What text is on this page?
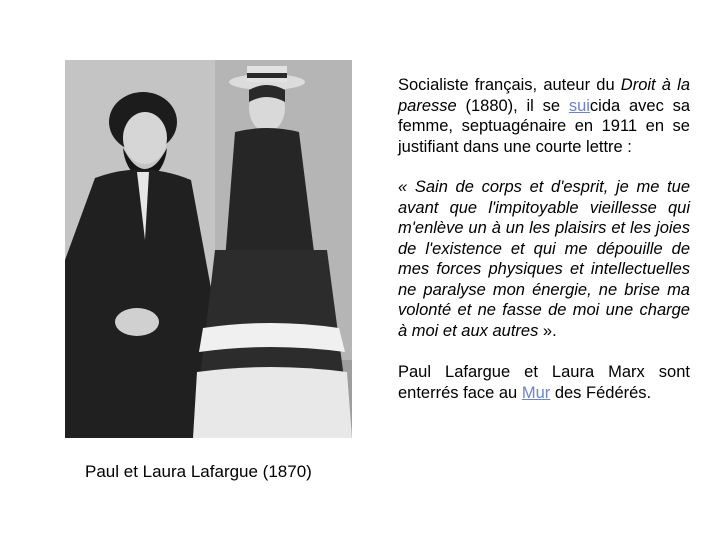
Paul et Laura Lafargue (1870)

Socialiste français, auteur du Droit à la paresse (1880), il se suicida avec sa femme, septuagénaire en 1911 en se justifiant dans une courte lettre :

« Sain de corps et d'esprit, je me tue avant que l'impitoyable vieillesse qui m'enlève un à un les plaisirs et les joies de l'existence et qui me dépouille de mes forces physiques et intellectuelles ne paralyse mon énergie, ne brise ma volonté et ne fasse de moi une charge à moi et aux autres ».

Paul Lafargue et Laura Marx sont enterrés face au Mur des Fédérés.
